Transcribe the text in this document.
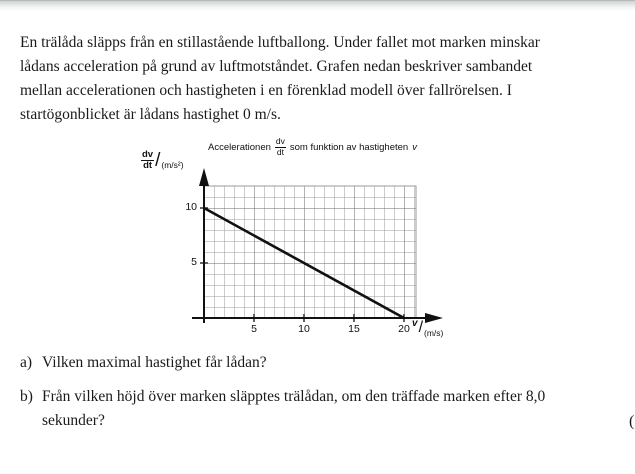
En trälåda släpps från en stillastående luftballong. Under fallet mot marken minskar
lådans acceleration på grund av luftmotståndet. Grafen nedan beskriver sambandet
mellan accelerationen och hastigheten i en förenklad modell över fallrörelsen. I
startögonblicket är lådans hastighet 0 m/s.
Accelerationen $\frac{dv}{dt}$ som funktion av hastigheten v
$\frac{dv}{dt} / (m/s^2)$
v / (m/s)
5	10	15	20
5
10
a) Vilken maximal hastighet får lådan?
b) Från vilken höjd över marken släpptes trälådan, om den träffade marken efter 8,0
sekunder?	(
